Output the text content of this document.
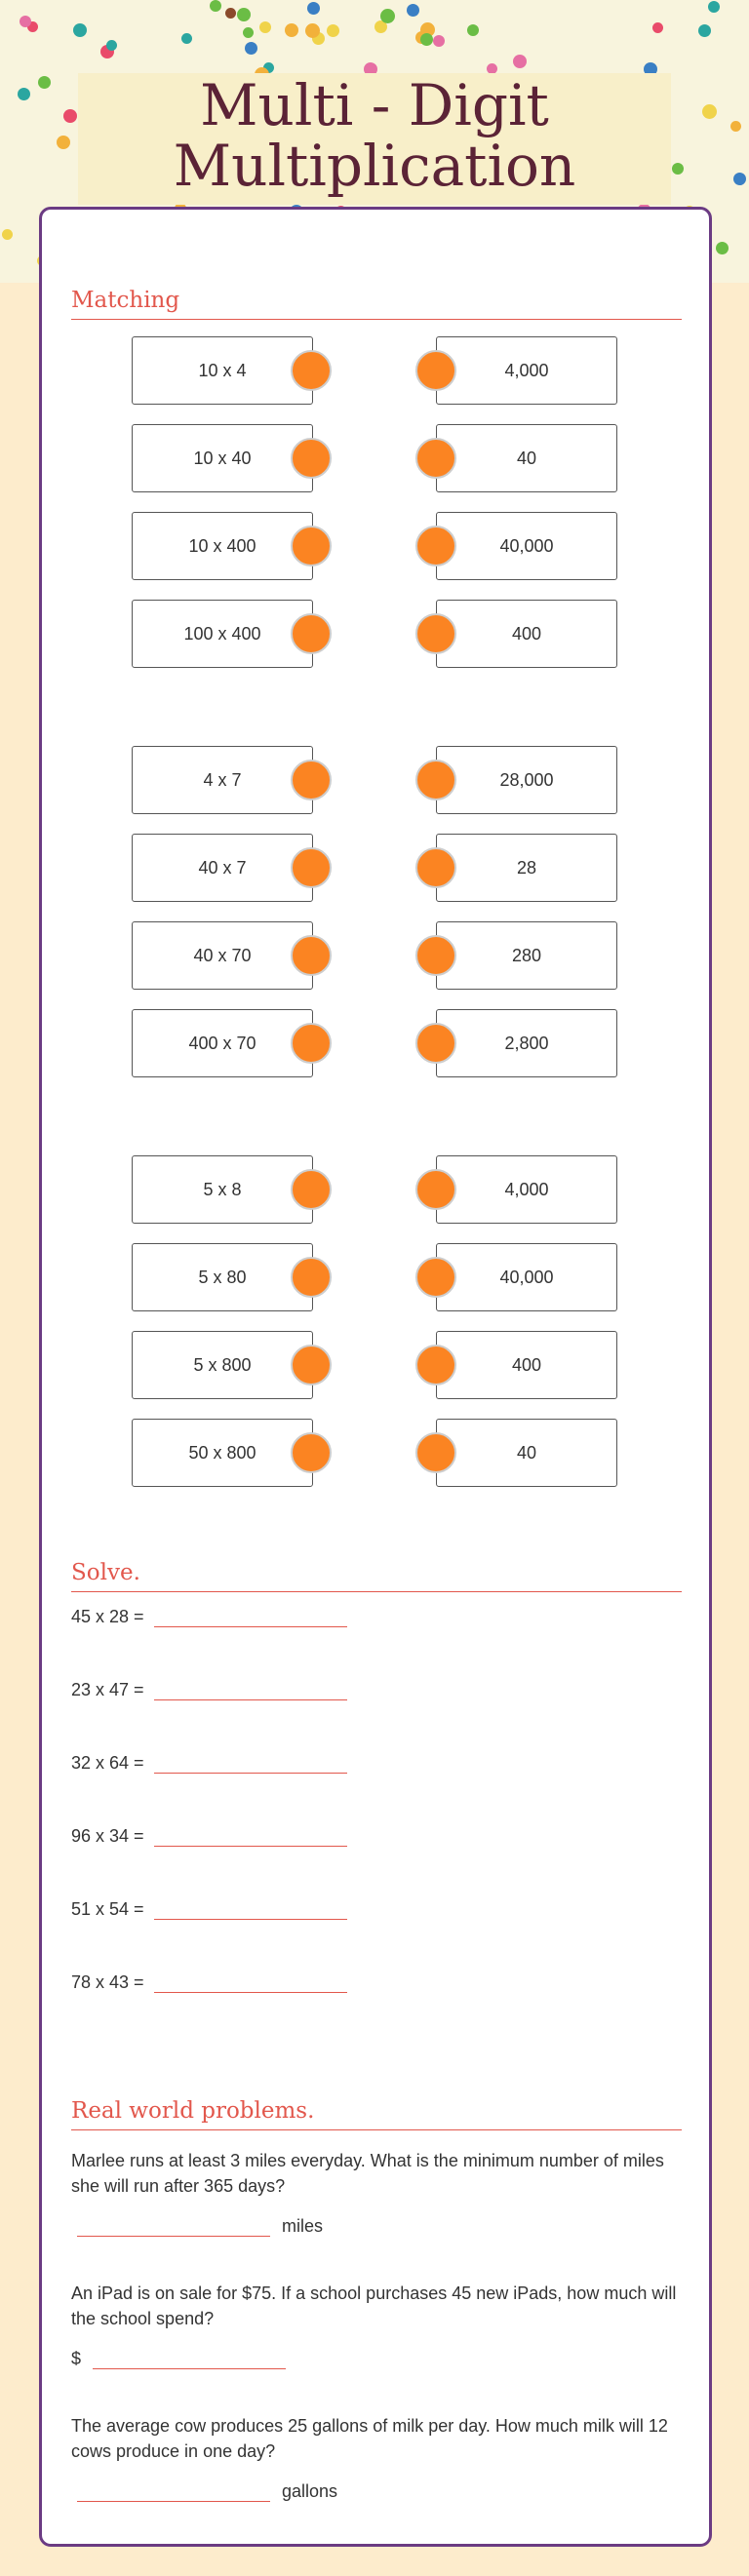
Multi - Digit
Multiplication
Matching
10 x 4	4,000
10 x 40	40
10 x 400	40,000
100 x 400	400
4 x 7	28,000
40 x 7	28
40 x 70	280
400 x 70	2,800
5 x 8	4,000
5 x 80	40,000
5 x 800	400
50 x 800	40
Solve.
45 x 28 =
23 x 47 =
32 x 64 =
96 x 34 =
51 x 54 =
78 x 43 =
Real world problems.
Marlee runs at least 3 miles everyday. What is the minimum number of miles she will run after 365 days?
miles
An iPad is on sale for $75. If a school purchases 45 new iPads, how much will the school spend?
$
The average cow produces 25 gallons of milk per day. How much milk will 12 cows produce in one day?
gallons
